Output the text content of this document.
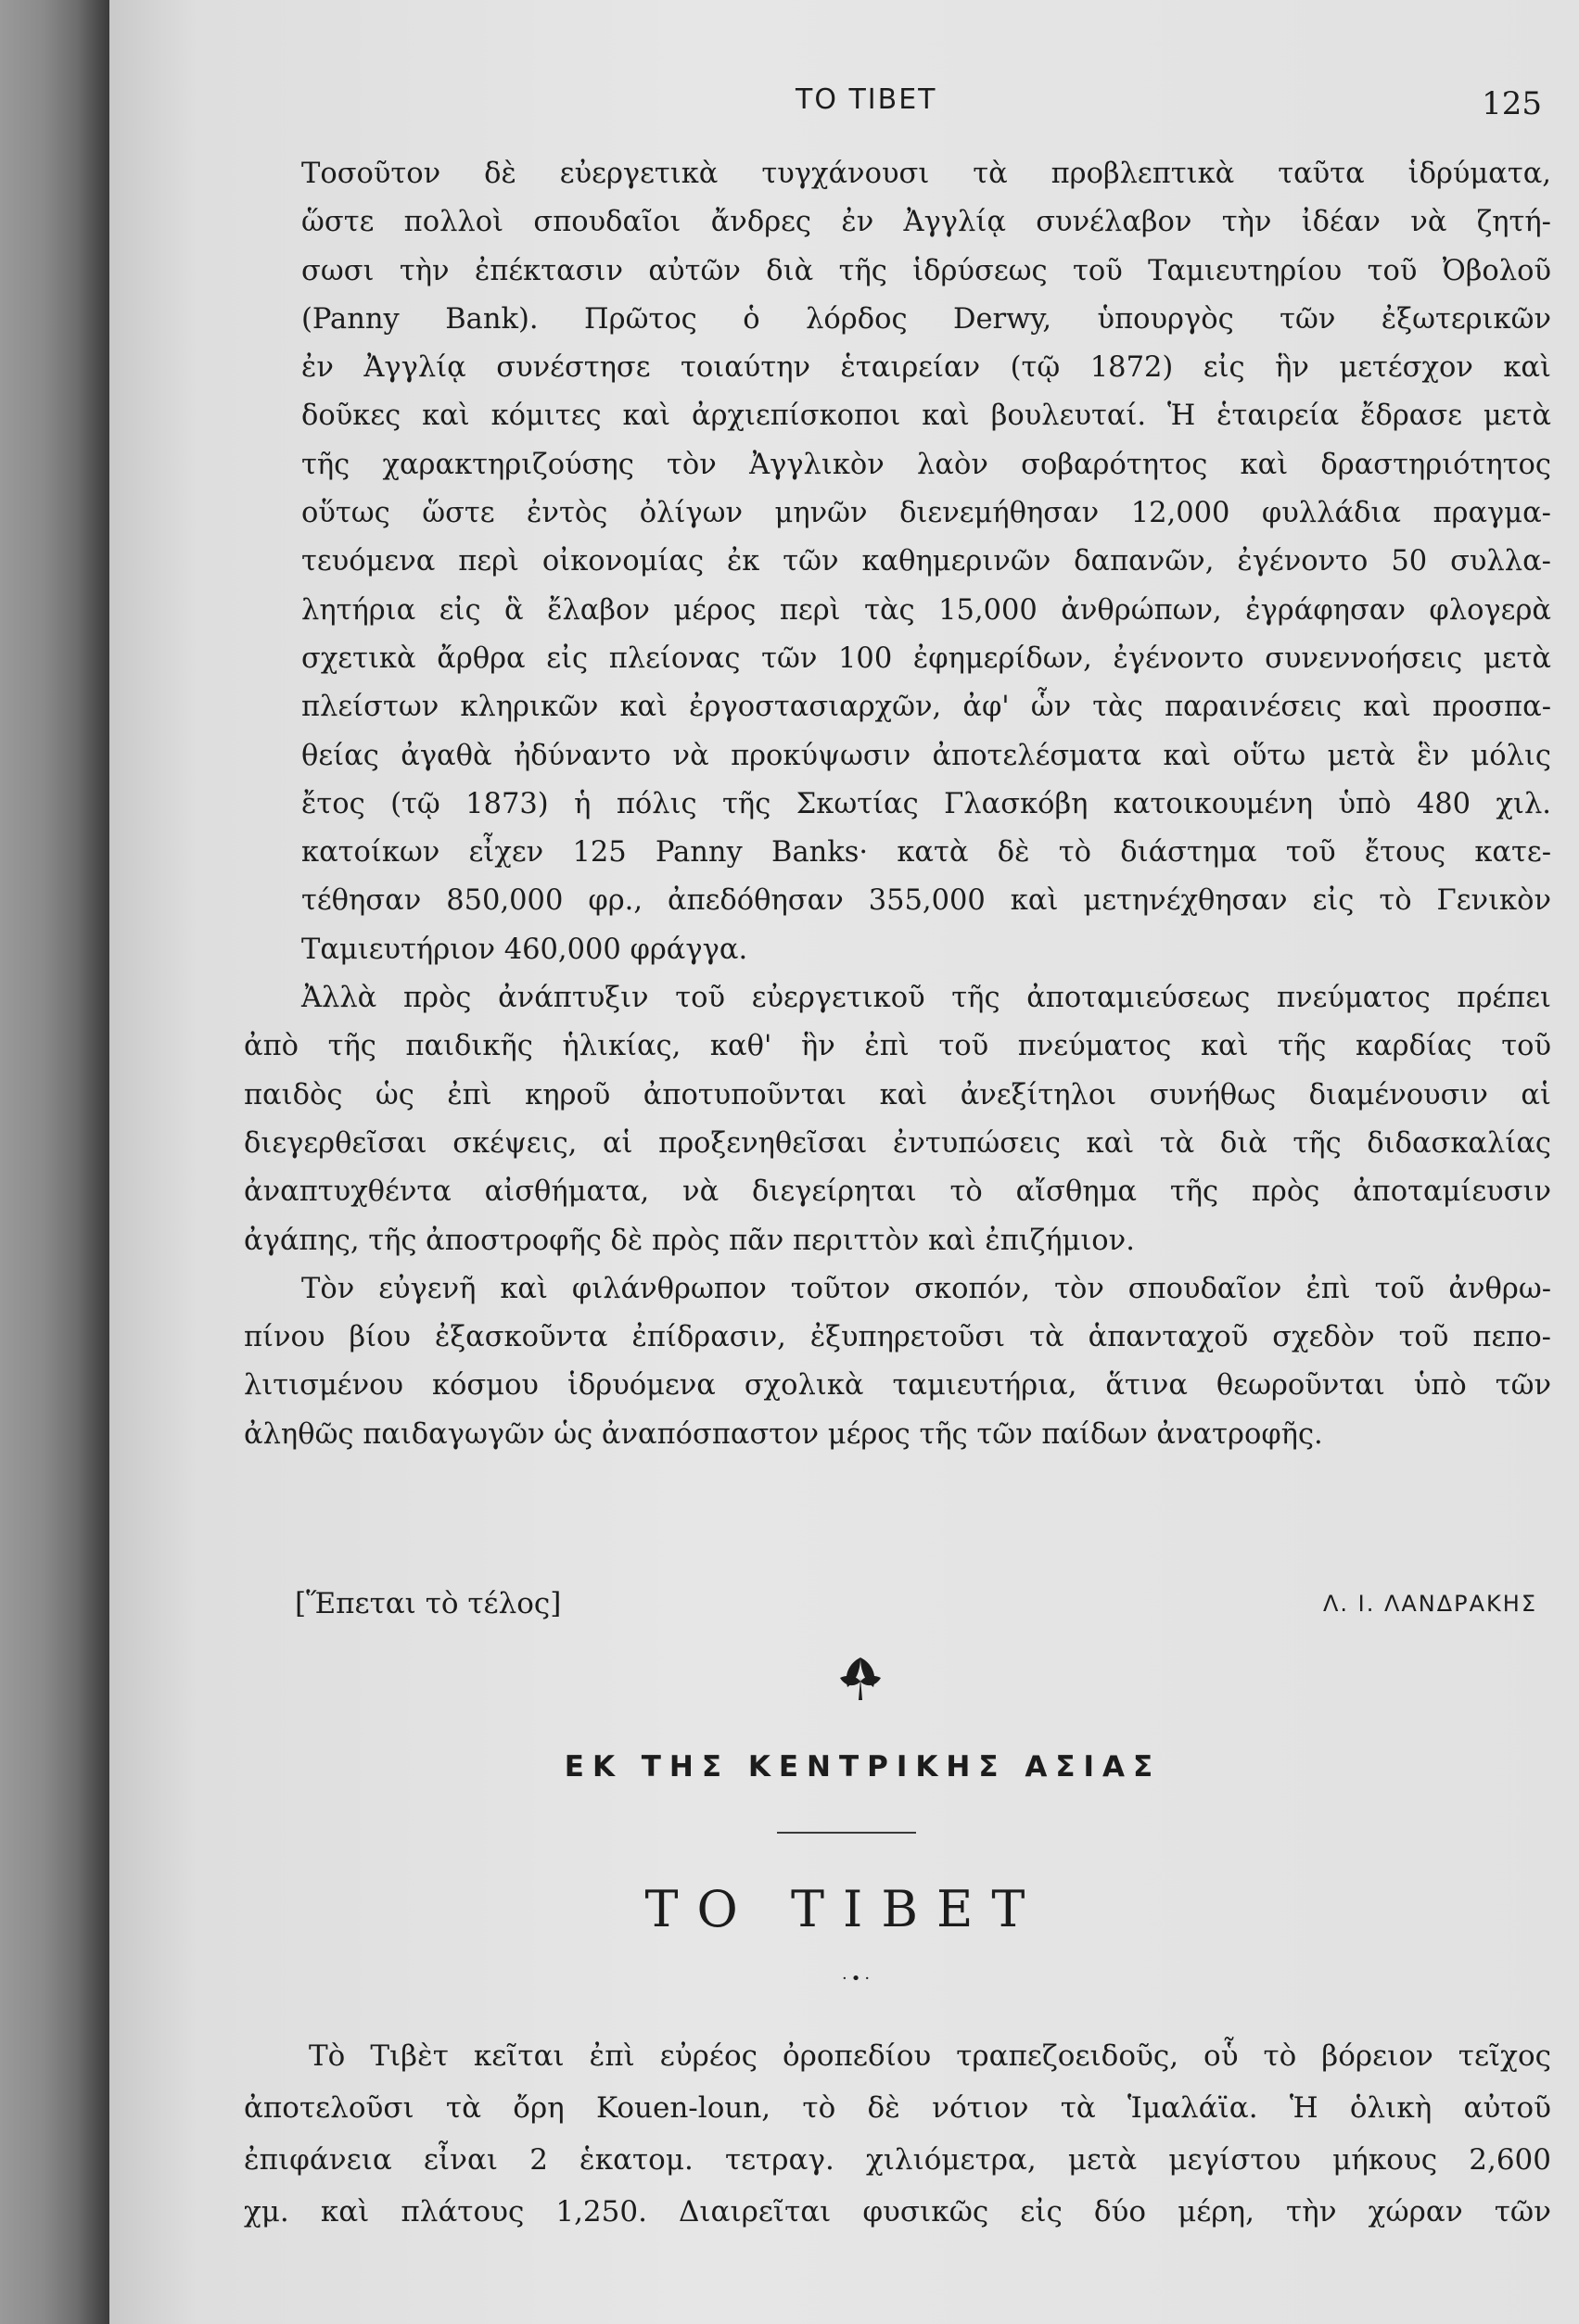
ΤΟ ΤΙΒΕΤ	125

Τοσοῦτον δὲ εὐεργετικὰ τυγχάνουσι τὰ προβλεπτικὰ ταῦτα ἱδρύματα,
ὥστε πολλοὶ σπουδαῖοι ἄνδρες ἐν Ἀγγλίᾳ συνέλαβον τὴν ἰδέαν νὰ ζητή-
σωσι τὴν ἐπέκτασιν αὐτῶν διὰ τῆς ἱδρύσεως τοῦ Ταμιευτηρίου τοῦ Ὀβολοῦ
(Panny Bank). Πρῶτος ὁ λόρδος Derwy, ὑπουργὸς τῶν ἐξωτερικῶν
ἐν Ἀγγλίᾳ συνέστησε τοιαύτην ἑταιρείαν (τῷ 1872) εἰς ἣν μετέσχον καὶ
δοῦκες καὶ κόμιτες καὶ ἀρχιεπίσκοποι καὶ βουλευταί. Ἡ ἑταιρεία ἔδρασε μετὰ
τῆς χαρακτηριζούσης τὸν Ἀγγλικὸν λαὸν σοβαρότητος καὶ δραστηριότητος
οὕτως ὥστε ἐντὸς ὀλίγων μηνῶν διενεμήθησαν 12,000 φυλλάδια πραγμα-
τευόμενα περὶ οἰκονομίας ἐκ τῶν καθημερινῶν δαπανῶν, ἐγένοντο 50 συλλα-
λητήρια εἰς ἃ ἔλαβον μέρος περὶ τὰς 15,000 ἀνθρώπων, ἐγράφησαν φλογερὰ
σχετικὰ ἄρθρα εἰς πλείονας τῶν 100 ἐφημερίδων, ἐγένοντο συνεννοήσεις μετὰ
πλείστων κληρικῶν καὶ ἐργοστασιαρχῶν, ἀφ' ὧν τὰς παραινέσεις καὶ προσπα-
θείας ἀγαθὰ ἠδύναντο νὰ προκύψωσιν ἀποτελέσματα καὶ οὕτω μετὰ ἓν μόλις
ἔτος (τῷ 1873) ἡ πόλις τῆς Σκωτίας Γλασκόβη κατοικουμένη ὑπὸ 480 χιλ.
κατοίκων εἶχεν 125 Panny Banks· κατὰ δὲ τὸ διάστημα τοῦ ἔτους κατε-
τέθησαν 850,000 φρ., ἀπεδόθησαν 355,000 καὶ μετηνέχθησαν εἰς τὸ Γενικὸν
Ταμιευτήριον 460,000 φράγγα.

Ἀλλὰ πρὸς ἀνάπτυξιν τοῦ εὐεργετικοῦ τῆς ἀποταμιεύσεως πνεύματος πρέπει
ἀπὸ τῆς παιδικῆς ἡλικίας, καθ' ἣν ἐπὶ τοῦ πνεύματος καὶ τῆς καρδίας τοῦ
παιδὸς ὡς ἐπὶ κηροῦ ἀποτυποῦνται καὶ ἀνεξίτηλοι συνήθως διαμένουσιν αἱ
διεγερθεῖσαι σκέψεις, αἱ προξενηθεῖσαι ἐντυπώσεις καὶ τὰ διὰ τῆς διδασκαλίας
ἀναπτυχθέντα αἰσθήματα, νὰ διεγείρηται τὸ αἴσθημα τῆς πρὸς ἀποταμίευσιν
ἀγάπης, τῆς ἀποστροφῆς δὲ πρὸς πᾶν περιττὸν καὶ ἐπιζήμιον.

Τὸν εὐγενῆ καὶ φιλάνθρωπον τοῦτον σκοπόν, τὸν σπουδαῖον ἐπὶ τοῦ ἀνθρω-
πίνου βίου ἐξασκοῦντα ἐπίδρασιν, ἐξυπηρετοῦσι τὰ ἁπανταχοῦ σχεδὸν τοῦ πεπο-
λιτισμένου κόσμου ἱδρυόμενα σχολικὰ ταμιευτήρια, ἅτινα θεωροῦνται ὑπὸ τῶν
ἀληθῶς παιδαγωγῶν ὡς ἀναπόσπαστον μέρος τῆς τῶν παίδων ἀνατροφῆς.

[Ἕπεται τὸ τέλος]	Λ. Ι. ΛΑΝΔΡΑΚΗΣ
ΕΚ ΤΗΣ ΚΕΝΤΡΙΚΗΣ ΑΣΙΑΣ
ΤΟ ΤΙΒΕΤ
·•·
Τὸ Τιβὲτ κεῖται ἐπὶ εὐρέος ὀροπεδίου τραπεζοειδοῦς, οὗ τὸ βόρειον τεῖχος
ἀποτελοῦσι τὰ ὄρη Kouen-loun, τὸ δὲ νότιον τὰ Ἱμαλάϊα. Ἡ ὁλικὴ αὐτοῦ
ἐπιφάνεια εἶναι 2 ἑκατομ. τετραγ. χιλιόμετρα, μετὰ μεγίστου μήκους 2,600
χμ. καὶ πλάτους 1,250. Διαιρεῖται φυσικῶς εἰς δύο μέρη, τὴν χώραν τῶν
